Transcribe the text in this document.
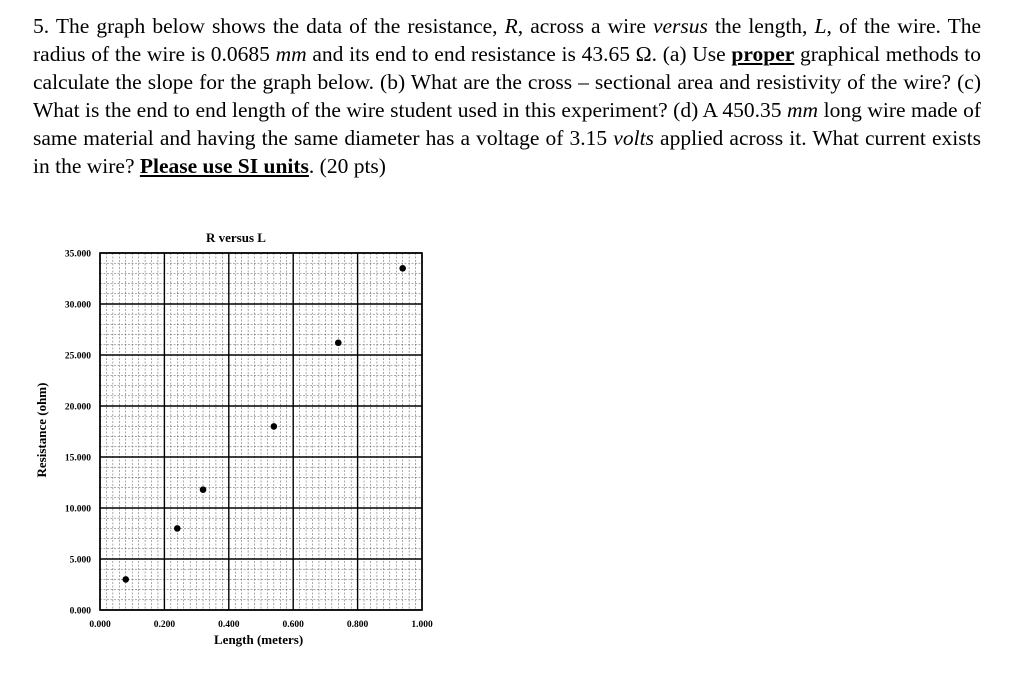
5. The graph below shows the data of the resistance, R, across a wire versus the length, L, of the wire. The radius of the wire is 0.0685 mm and its end to end resistance is 43.65 Ω. (a) Use proper graphical methods to calculate the slope for the graph below. (b) What are the cross – sectional area and resistivity of the wire? (c) What is the end to end length of the wire student used in this experiment? (d) A 450.35 mm long wire made of same material and having the same diameter has a voltage of 3.15 volts applied across it. What current exists in the wire? Please use SI units. (20 pts)
R versus L
Resistance (ohm)
Length (meters)
0.000
5.000
10.000
15.000
20.000
25.000
30.000
35.000
0.000	0.200	0.400	0.600	0.800	1.000
